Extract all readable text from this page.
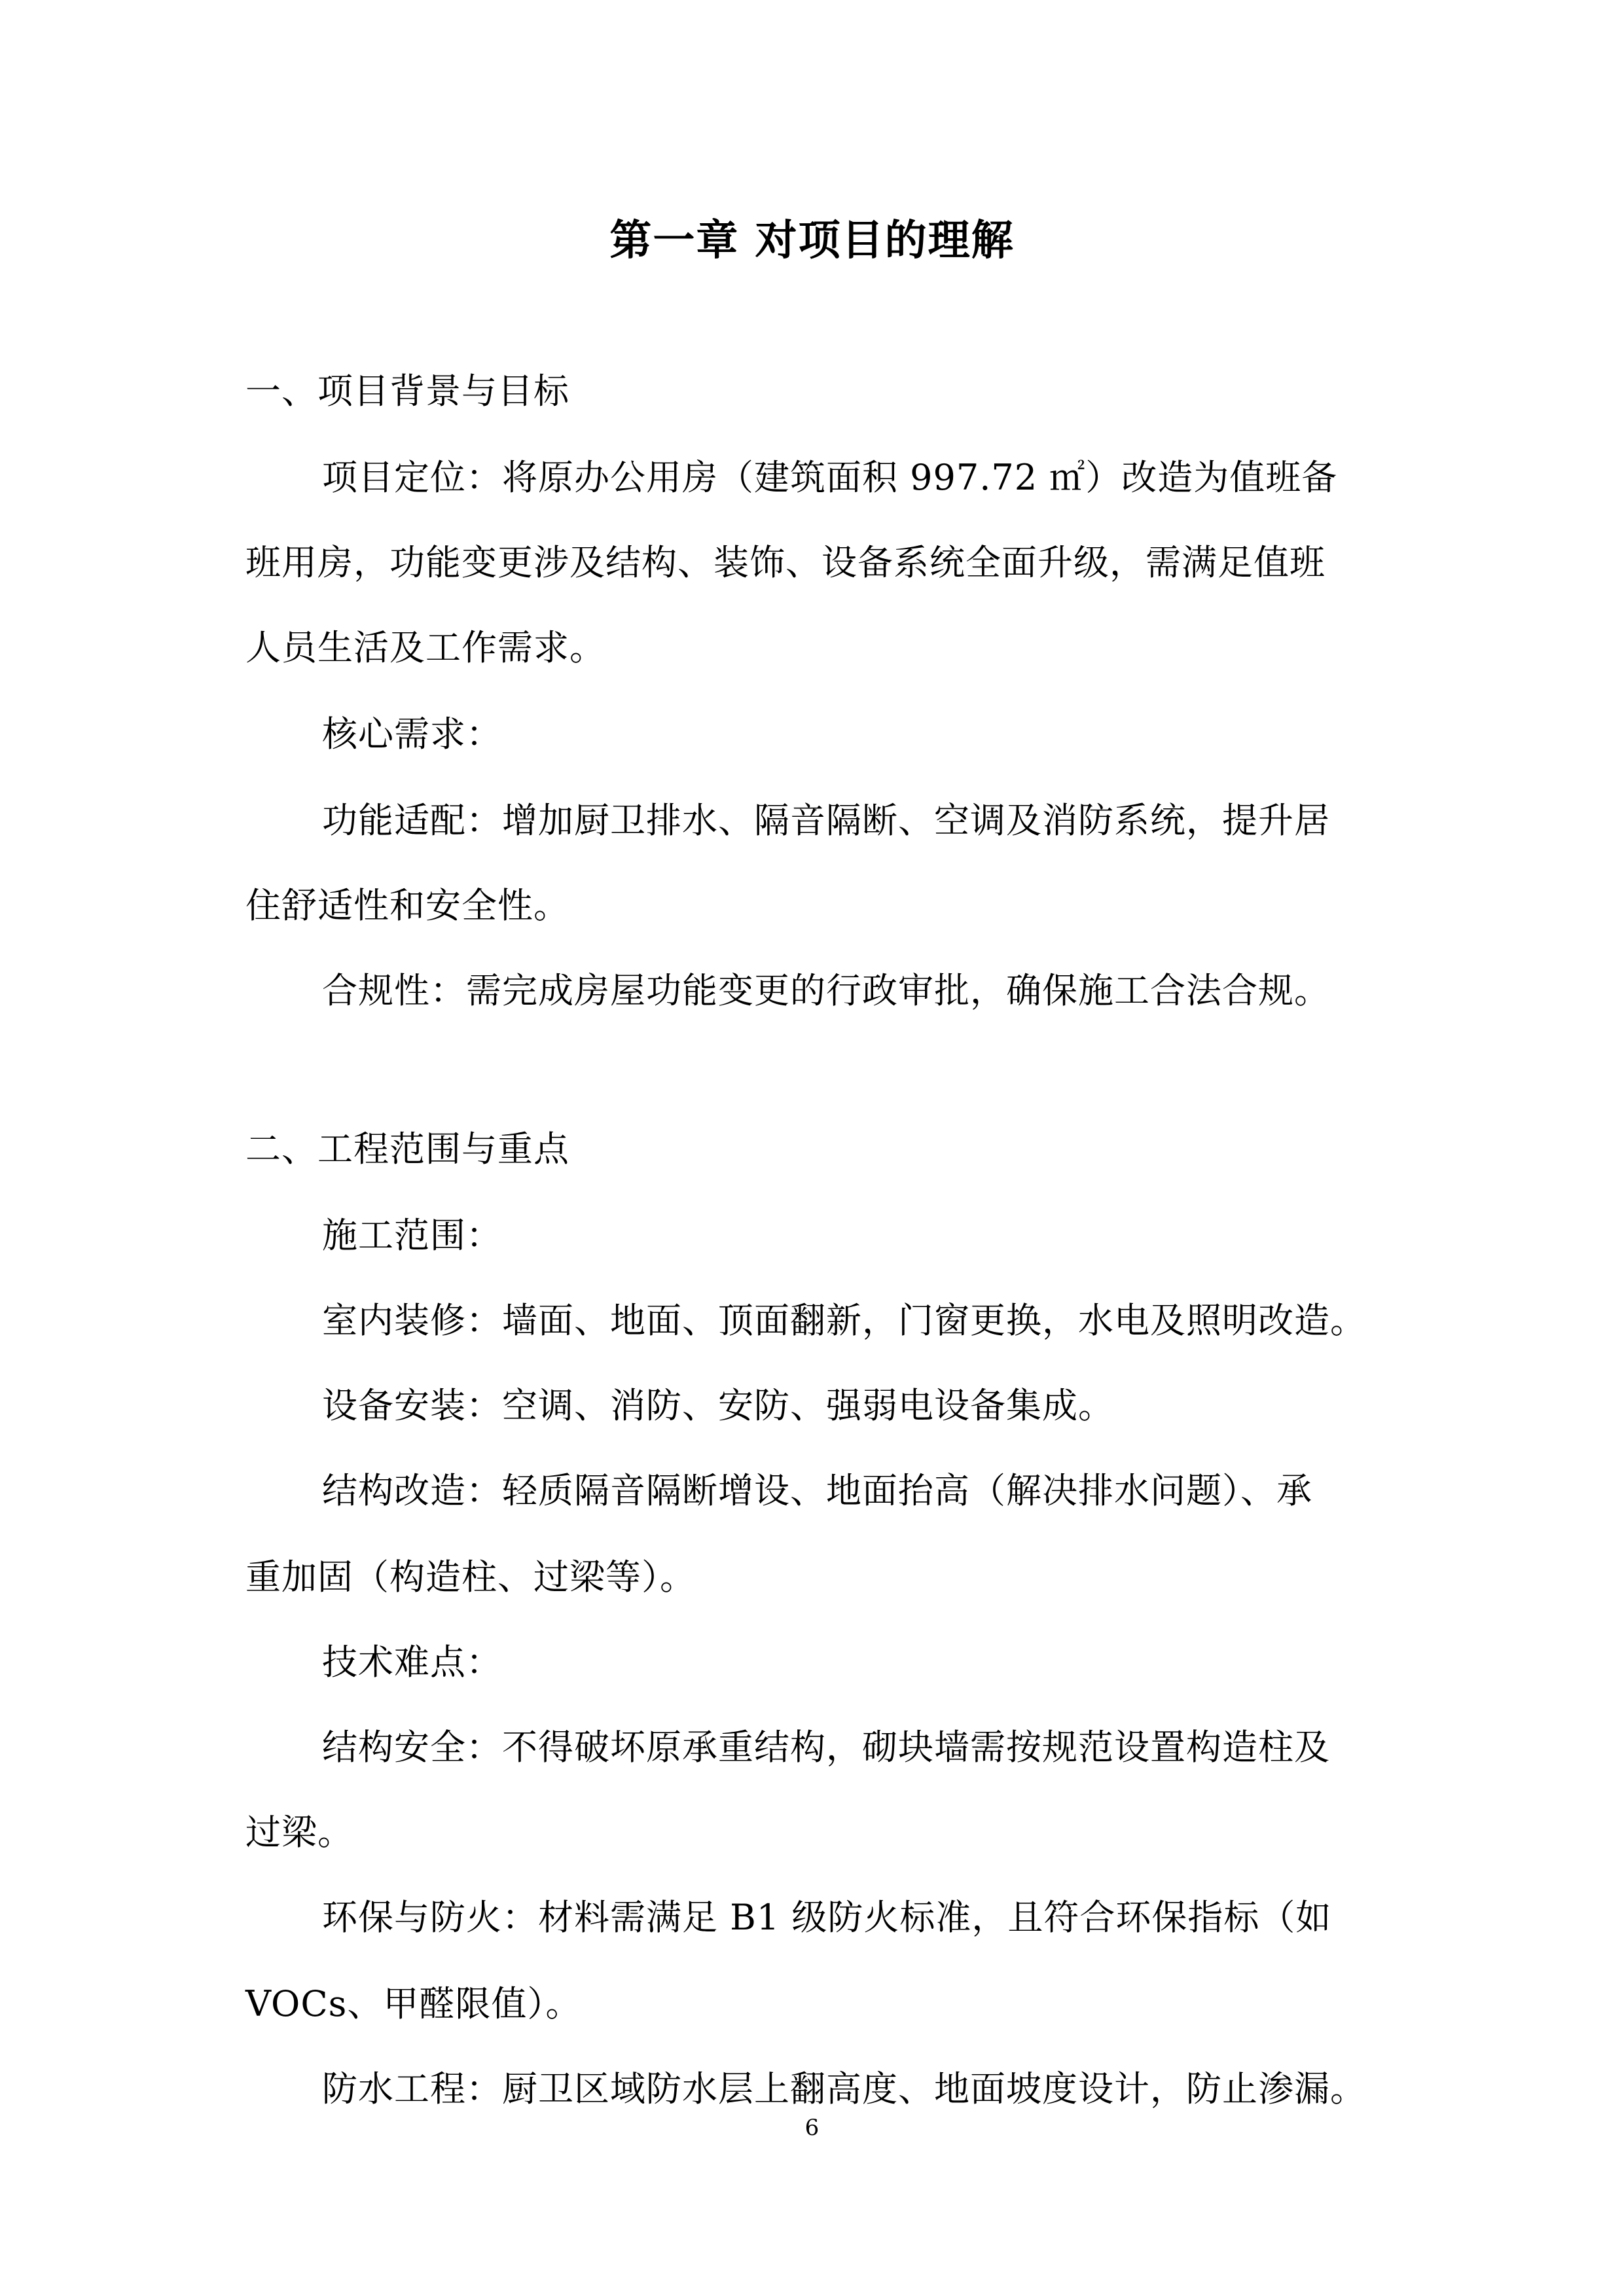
第一章 对项目的理解
一、项目背景与目标
项目定位：将原办公用房（建筑面积 997.72 ㎡）改造为值班备
班用房，功能变更涉及结构、装饰、设备系统全面升级，需满足值班
人员生活及工作需求。
核心需求：
功能适配：增加厨卫排水、隔音隔断、空调及消防系统，提升居
住舒适性和安全性。
合规性：需完成房屋功能变更的行政审批，确保施工合法合规。
二、工程范围与重点
施工范围：
室内装修：墙面、地面、顶面翻新，门窗更换，水电及照明改造。
设备安装：空调、消防、安防、强弱电设备集成。
结构改造：轻质隔音隔断增设、地面抬高（解决排水问题）、承
重加固（构造柱、过梁等）。
技术难点：
结构安全：不得破坏原承重结构，砌块墙需按规范设置构造柱及
过梁。
环保与防火：材料需满足 B1 级防火标准，且符合环保指标（如
VOCs、甲醛限值）。
防水工程：厨卫区域防水层上翻高度、地面坡度设计，防止渗漏。
6
